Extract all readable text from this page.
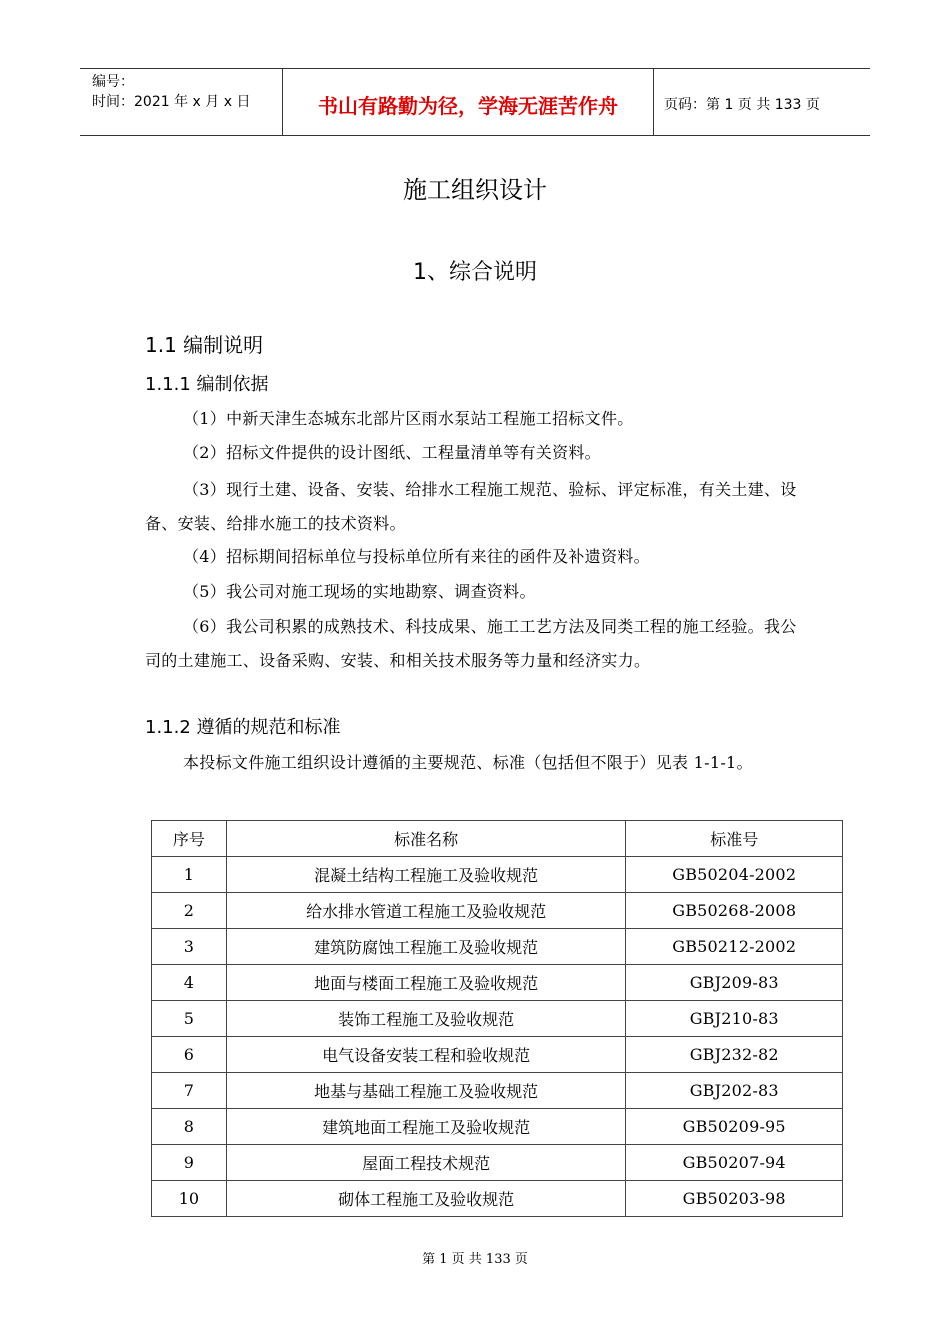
编号：
时间：2021 年 x 月 x 日	书山有路勤为径，学海无涯苦作舟	页码：第 1 页 共 133 页
施工组织设计
1、综合说明
1.1 编制说明
1.1.1 编制依据
（1）中新天津生态城东北部片区雨水泵站工程施工招标文件。
（2）招标文件提供的设计图纸、工程量清单等有关资料。
（3）现行土建、设备、安装、给排水工程施工规范、验标、评定标准，有关土建、设备、安装、给排水施工的技术资料。
（4）招标期间招标单位与投标单位所有来往的函件及补遗资料。
（5）我公司对施工现场的实地勘察、调查资料。
（6）我公司积累的成熟技术、科技成果、施工工艺方法及同类工程的施工经验。我公司的土建施工、设备采购、安装、和相关技术服务等力量和经济实力。
1.1.2 遵循的规范和标准
本投标文件施工组织设计遵循的主要规范、标准（包括但不限于）见表 1-1-1。
序号	标准名称	标准号
1	混凝土结构工程施工及验收规范	GB50204-2002
2	给水排水管道工程施工及验收规范	GB50268-2008
3	建筑防腐蚀工程施工及验收规范	GB50212-2002
4	地面与楼面工程施工及验收规范	GBJ209-83
5	装饰工程施工及验收规范	GBJ210-83
6	电气设备安装工程和验收规范	GBJ232-82
7	地基与基础工程施工及验收规范	GBJ202-83
8	建筑地面工程施工及验收规范	GB50209-95
9	屋面工程技术规范	GB50207-94
10	砌体工程施工及验收规范	GB50203-98
第 1 页 共 133 页
